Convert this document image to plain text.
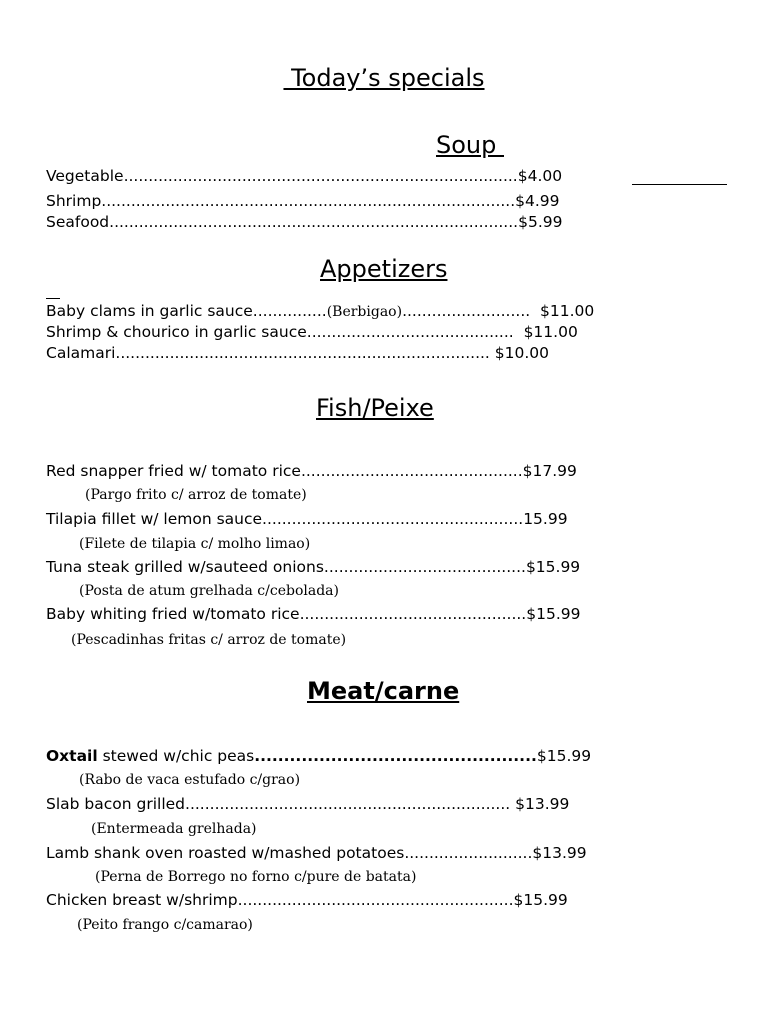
Today’s specials
Soup
Vegetable................................................................................$4.00
Shrimp....................................................................................$4.99
Seafood...................................................................................$5.99
Appetizers
Baby clams in garlic sauce...............(Berbigao)..........................  $11.00
Shrimp & chourico in garlic sauce..........................................  $11.00
Calamari............................................................................ $10.00
Fish/Peixe
Red snapper fried w/ tomato rice.............................................$17.99
(Pargo frito c/ arroz de tomate)
Tilapia fillet w/ lemon sauce.....................................................15.99
(Filete de tilapia c/ molho limao)
Tuna steak grilled w/sauteed onions.........................................$15.99
(Posta de atum grelhada c/cebolada)
Baby whiting fried w/tomato rice..............................................$15.99
(Pescadinhas fritas c/ arroz de tomate)
Meat/carne
Oxtail stewed w/chic peas................................................$15.99
(Rabo de vaca estufado c/grao)
Slab bacon grilled.................................................................. $13.99
(Entermeada grelhada)
Lamb shank oven roasted w/mashed potatoes..........................$13.99
(Perna de Borrego no forno c/pure de batata)
Chicken breast w/shrimp........................................................$15.99
(Peito frango c/camarao)
